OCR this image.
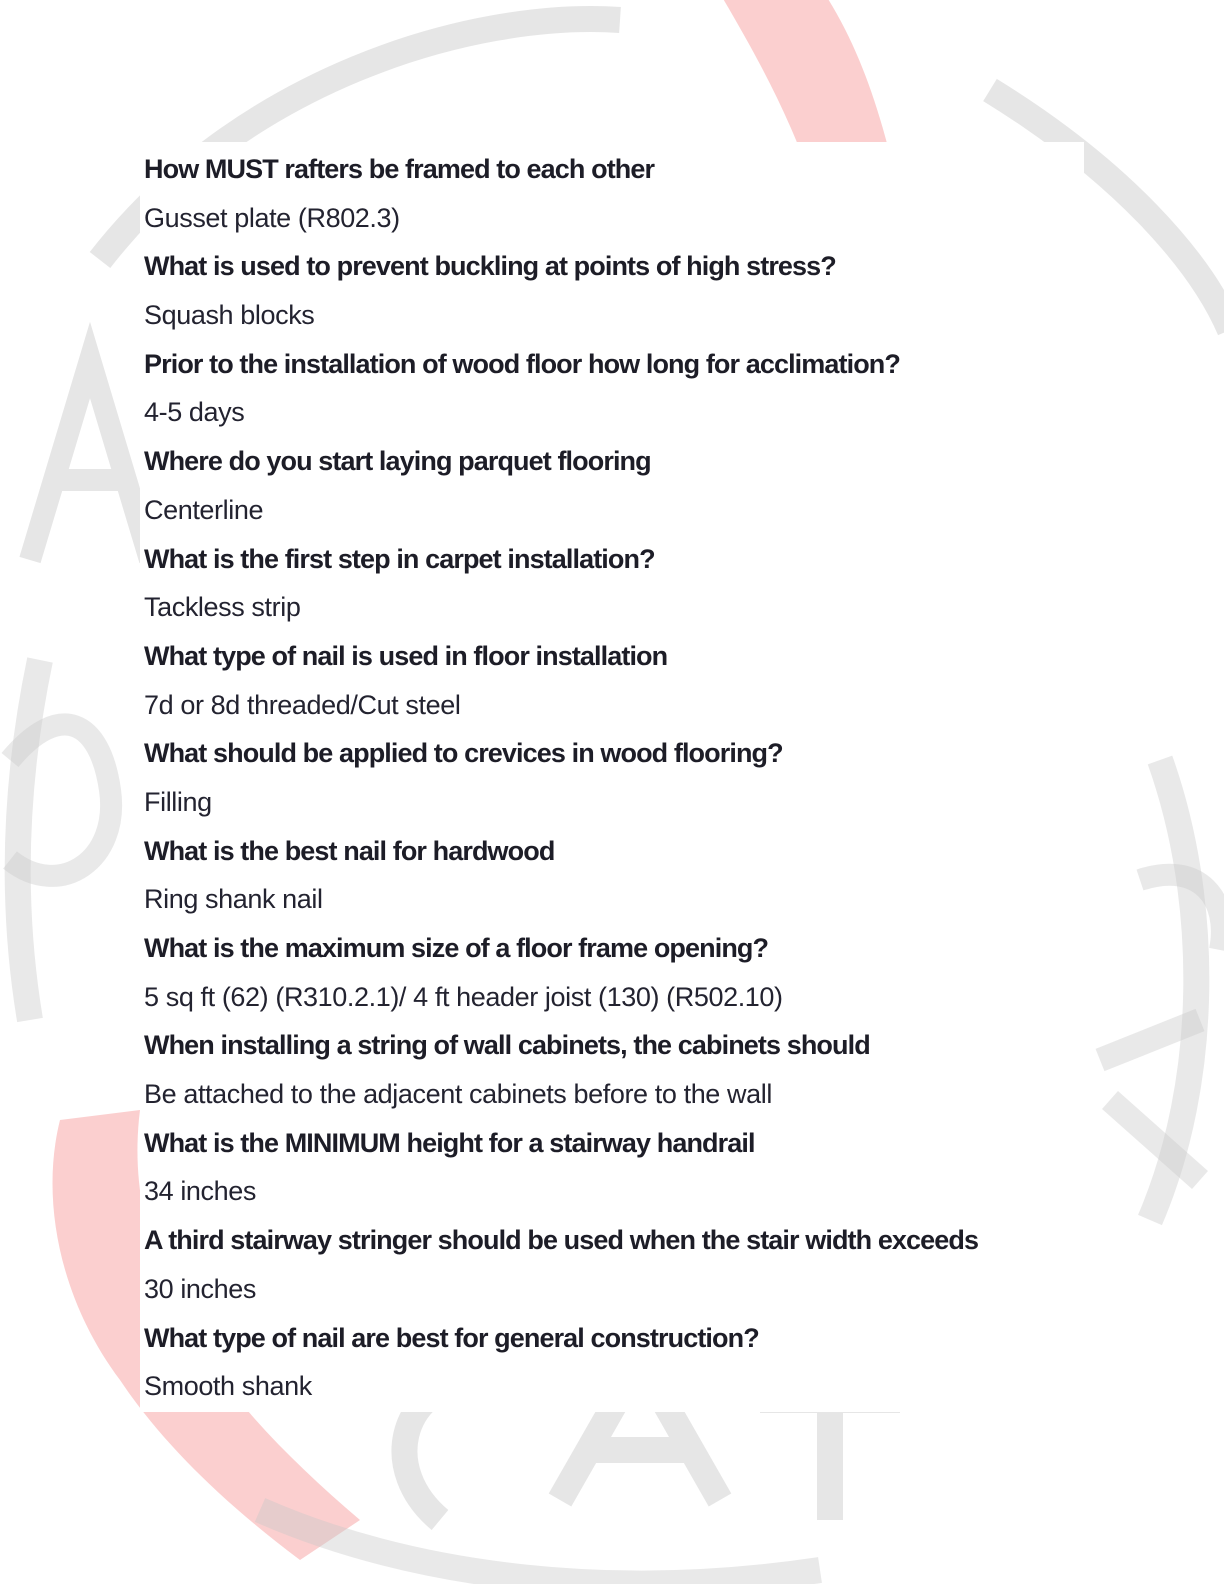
How MUST rafters be framed to each other
Gusset plate (R802.3)
What is used to prevent buckling at points of high stress?
Squash blocks
Prior to the installation of wood floor how long for acclimation?
4-5 days
Where do you start laying parquet flooring
Centerline
What is the first step in carpet installation?
Tackless strip
What type of nail is used in floor installation
7d or 8d threaded/Cut steel
What should be applied to crevices in wood flooring?
Filling
What is the best nail for hardwood
Ring shank nail
What is the maximum size of a floor frame opening?
5 sq ft (62) (R310.2.1)/ 4 ft header joist (130) (R502.10)
When installing a string of wall cabinets, the cabinets should
Be attached to the adjacent cabinets before to the wall
What is the MINIMUM height for a stairway handrail
34 inches
A third stairway stringer should be used when the stair width exceeds
30 inches
What type of nail are best for general construction?
Smooth shank
